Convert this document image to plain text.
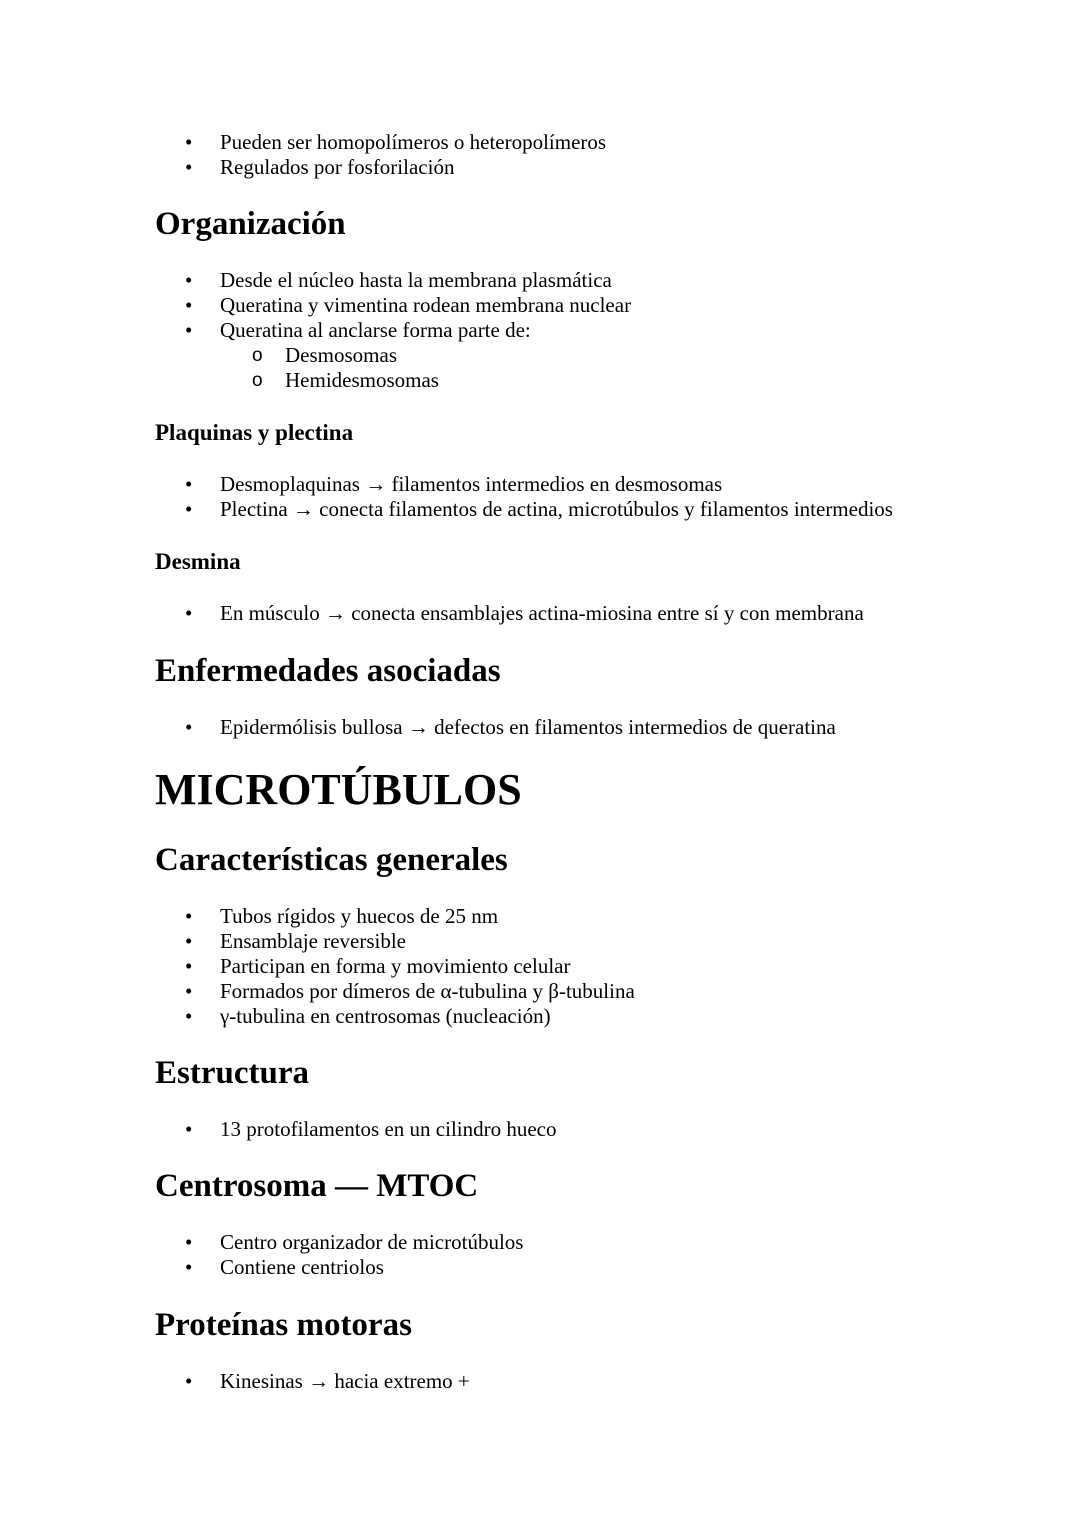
• Pueden ser homopolímeros o heteropolímeros
• Regulados por fosforilación
Organización
• Desde el núcleo hasta la membrana plasmática
• Queratina y vimentina rodean membrana nuclear
• Queratina al anclarse forma parte de:
o Desmosomas
o Hemidesmosomas
Plaquinas y plectina
• Desmoplaquinas → filamentos intermedios en desmosomas
• Plectina → conecta filamentos de actina, microtúbulos y filamentos intermedios
Desmina
• En músculo → conecta ensamblajes actina-miosina entre sí y con membrana
Enfermedades asociadas
• Epidermólisis bullosa → defectos en filamentos intermedios de queratina
MICROTÚBULOS
Características generales
• Tubos rígidos y huecos de 25 nm
• Ensamblaje reversible
• Participan en forma y movimiento celular
• Formados por dímeros de α-tubulina y β-tubulina
• γ-tubulina en centrosomas (nucleación)
Estructura
• 13 protofilamentos en un cilindro hueco
Centrosoma — MTOC
• Centro organizador de microtúbulos
• Contiene centriolos
Proteínas motoras
• Kinesinas → hacia extremo +
